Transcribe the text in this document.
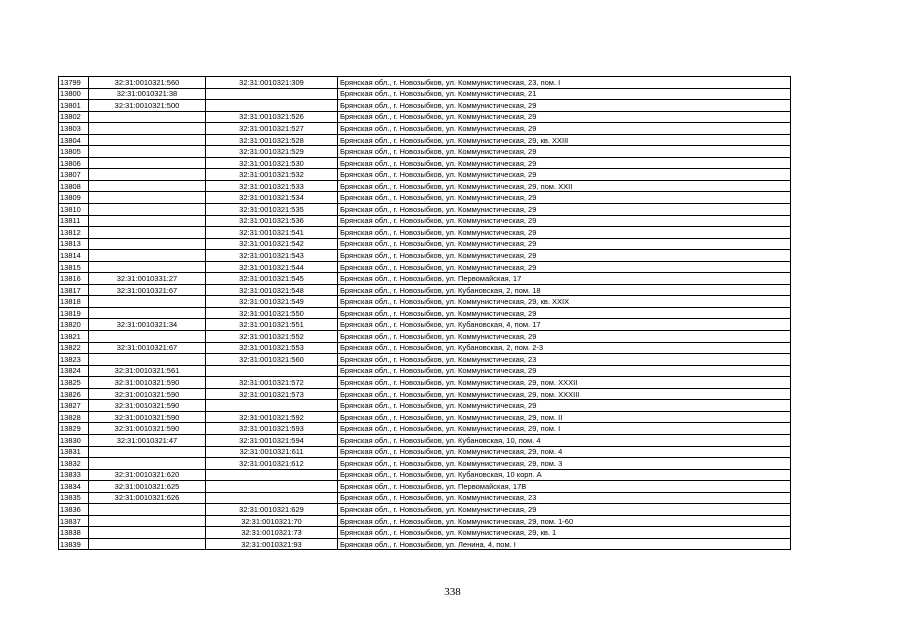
13799	32:31:0010321:560	32:31:0010321:309	Брянская обл., г. Новозыбков, ул. Коммунистическая, 23, пом. I
13800	32:31:0010321:38		Брянская обл., г. Новозыбков, ул. Коммунистическая, 21
13801	32:31:0010321:500		Брянская обл., г. Новозыбков, ул. Коммунистическая, 29
13802		32:31:0010321:526	Брянская обл., г. Новозыбков, ул. Коммунистическая, 29
13803		32:31:0010321:527	Брянская обл., г. Новозыбков, ул. Коммунистическая, 29
13804		32:31:0010321:528	Брянская обл., г. Новозыбков, ул. Коммунистическая, 29, кв. XXIII
13805		32:31:0010321:529	Брянская обл., г. Новозыбков, ул. Коммунистическая, 29
13806		32:31:0010321:530	Брянская обл., г. Новозыбков, ул. Коммунистическая, 29
13807		32:31:0010321:532	Брянская обл., г. Новозыбков, ул. Коммунистическая, 29
13808		32:31:0010321:533	Брянская обл., г. Новозыбков, ул. Коммунистическая, 29, пом. XXII
13809		32:31:0010321:534	Брянская обл., г. Новозыбков, ул. Коммунистическая, 29
13810		32:31:0010321:535	Брянская обл., г. Новозыбков, ул. Коммунистическая, 29
13811		32:31:0010321:536	Брянская обл., г. Новозыбков, ул. Коммунистическая, 29
13812		32:31:0010321:541	Брянская обл., г. Новозыбков, ул. Коммунистическая, 29
13813		32:31:0010321:542	Брянская обл., г. Новозыбков, ул. Коммунистическая, 29
13814		32:31:0010321:543	Брянская обл., г. Новозыбков, ул. Коммунистическая, 29
13815		32:31:0010321:544	Брянская обл., г. Новозыбков, ул. Коммунистическая, 29
13816	32:31:0010331:27	32:31:0010321:545	Брянская обл., г. Новозыбков, ул. Первомайская, 17
13817	32:31:0010321:67	32:31:0010321:548	Брянская обл., г. Новозыбков, ул. Кубановская, 2, пом. 18
13818		32:31:0010321:549	Брянская обл., г. Новозыбков, ул. Коммунистическая, 29, кв. XXIX
13819		32:31:0010321:550	Брянская обл., г. Новозыбков, ул. Коммунистическая, 29
13820	32:31:0010321:34	32:31:0010321:551	Брянская обл., г. Новозыбков, ул. Кубановская, 4, пом. 17
13821		32:31:0010321:552	Брянская обл., г. Новозыбков, ул. Коммунистическая, 29
13822	32:31:0010321:67	32:31:0010321:553	Брянская обл., г. Новозыбков, ул. Кубановская, 2, пом. 2-3
13823		32:31:0010321:560	Брянская обл., г. Новозыбков, ул. Коммунистическая, 23
13824	32:31:0010321:561		Брянская обл., г. Новозыбков, ул. Коммунистическая, 29
13825	32:31:0010321:590	32:31:0010321:572	Брянская обл., г. Новозыбков, ул. Коммунистическая, 29, пом. XXXII
13826	32:31:0010321:590	32:31:0010321:573	Брянская обл., г. Новозыбков, ул. Коммунистическая, 29, пом. XXXIII
13827	32:31:0010321:590		Брянская обл., г. Новозыбков, ул. Коммунистическая, 29
13828	32:31:0010321:590	32:31:0010321:592	Брянская обл., г. Новозыбков, ул. Коммунистическая, 29, пом. II
13829	32:31:0010321:590	32:31:0010321:593	Брянская обл., г. Новозыбков, ул. Коммунистическая, 29, пом. I
13830	32:31:0010321:47	32:31:0010321:594	Брянская обл., г. Новозыбков, ул. Кубановская, 10, пом. 4
13831		32:31:0010321:611	Брянская обл., г. Новозыбков, ул. Коммунистическая, 29, пом. 4
13832		32:31:0010321:612	Брянская обл., г. Новозыбков, ул. Коммунистическая, 29, пом. 3
13833	32:31:0010321:620		Брянская обл., г. Новозыбков, ул. Кубановская, 10 корп. А
13834	32:31:0010321:625		Брянская обл., г. Новозыбков, ул. Первомайская, 17В
13835	32:31:0010321:626		Брянская обл., г. Новозыбков, ул. Коммунистическая, 23
13836		32:31:0010321:629	Брянская обл., г. Новозыбков, ул. Коммунистическая, 29
13837		32:31:0010321:70	Брянская обл., г. Новозыбков, ул. Коммунистическая, 29, пом. 1-60
13838		32:31:0010321:73	Брянская обл., г. Новозыбков, ул. Коммунистическая, 29, кв. 1
13839		32:31:0010321:93	Брянская обл., г. Новозыбков, ул. Ленина, 4, пом. I
338
